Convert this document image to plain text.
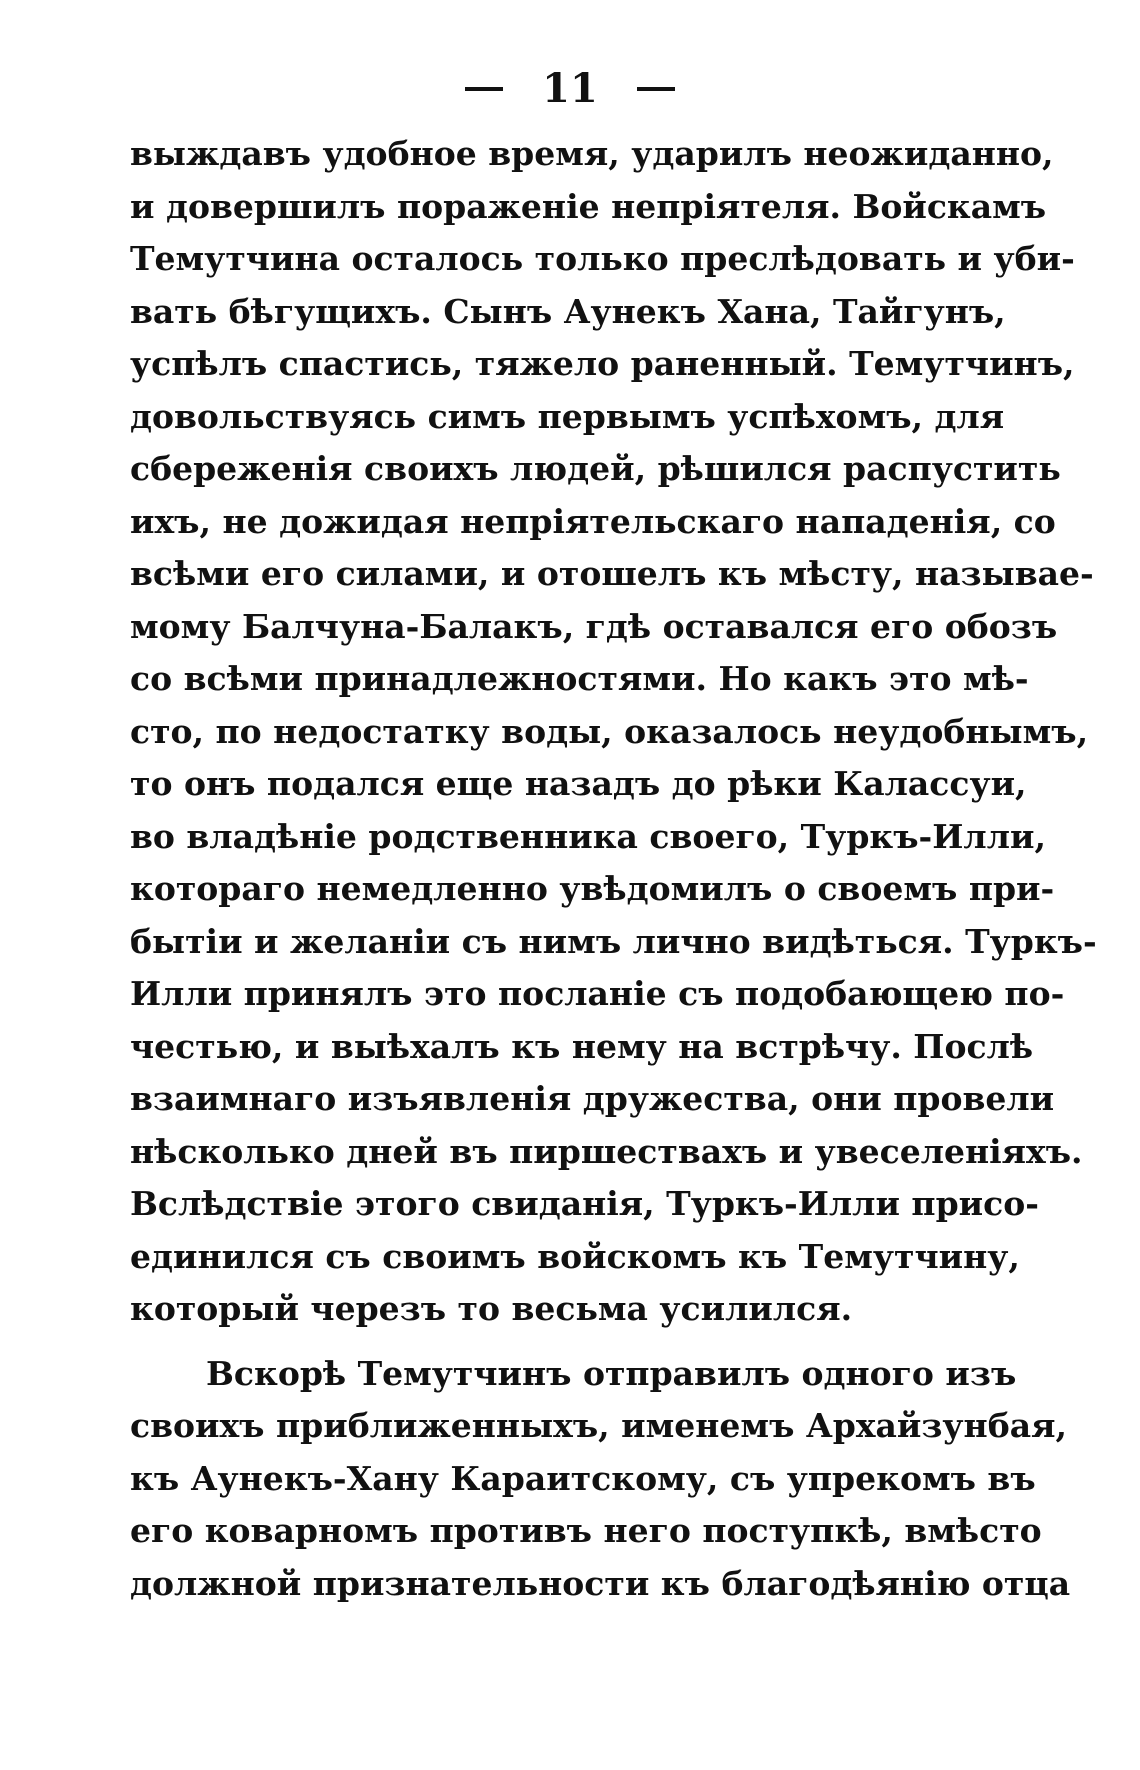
11
выждавъ удобное время, ударилъ неожиданно,
и довершилъ пораженіе непріятеля. Войскамъ
Темутчина осталось только преслѣдовать и уби-
вать бѣгущихъ. Сынъ Аунекъ Хана, Тайгунъ,
успѣлъ спастись, тяжело раненный. Темутчинъ,
довольствуясь симъ первымъ успѣхомъ, для
сбереженія своихъ людей, рѣшился распустить
ихъ, не дожидая непріятельскаго нападенія, со
всѣми его силами, и отошелъ къ мѣсту, называе-
мому Балчуна-Балакъ, гдѣ оставался его обозъ
со всѣми принадлежностями. Но какъ это мѣ-
сто, по недостатку воды, оказалось неудобнымъ,
то онъ подался еще назадъ до рѣки Калассуи,
во владѣніе родственника своего, Туркъ-Илли,
котораго немедленно увѣдомилъ о своемъ при-
бытіи и желаніи съ нимъ лично видѣться. Туркъ-
Илли принялъ это посланіе съ подобающею по-
честью, и выѣхалъ къ нему на встрѣчу. Послѣ
взаимнаго изъявленія дружества, они провели
нѣсколько дней въ пиршествахъ и увеселеніяхъ.
Вслѣдствіе этого свиданія, Туркъ-Илли присо-
единился съ своимъ войскомъ къ Темутчину,
который черезъ то весьма усилился.
Вскорѣ Темутчинъ отправилъ одного изъ
своихъ приближенныхъ, именемъ Архайзунбая,
къ Аунекъ-Хану Караитскому, съ упрекомъ въ
его коварномъ противъ него поступкѣ, вмѣсто
должной признательности къ благодѣянію отца
